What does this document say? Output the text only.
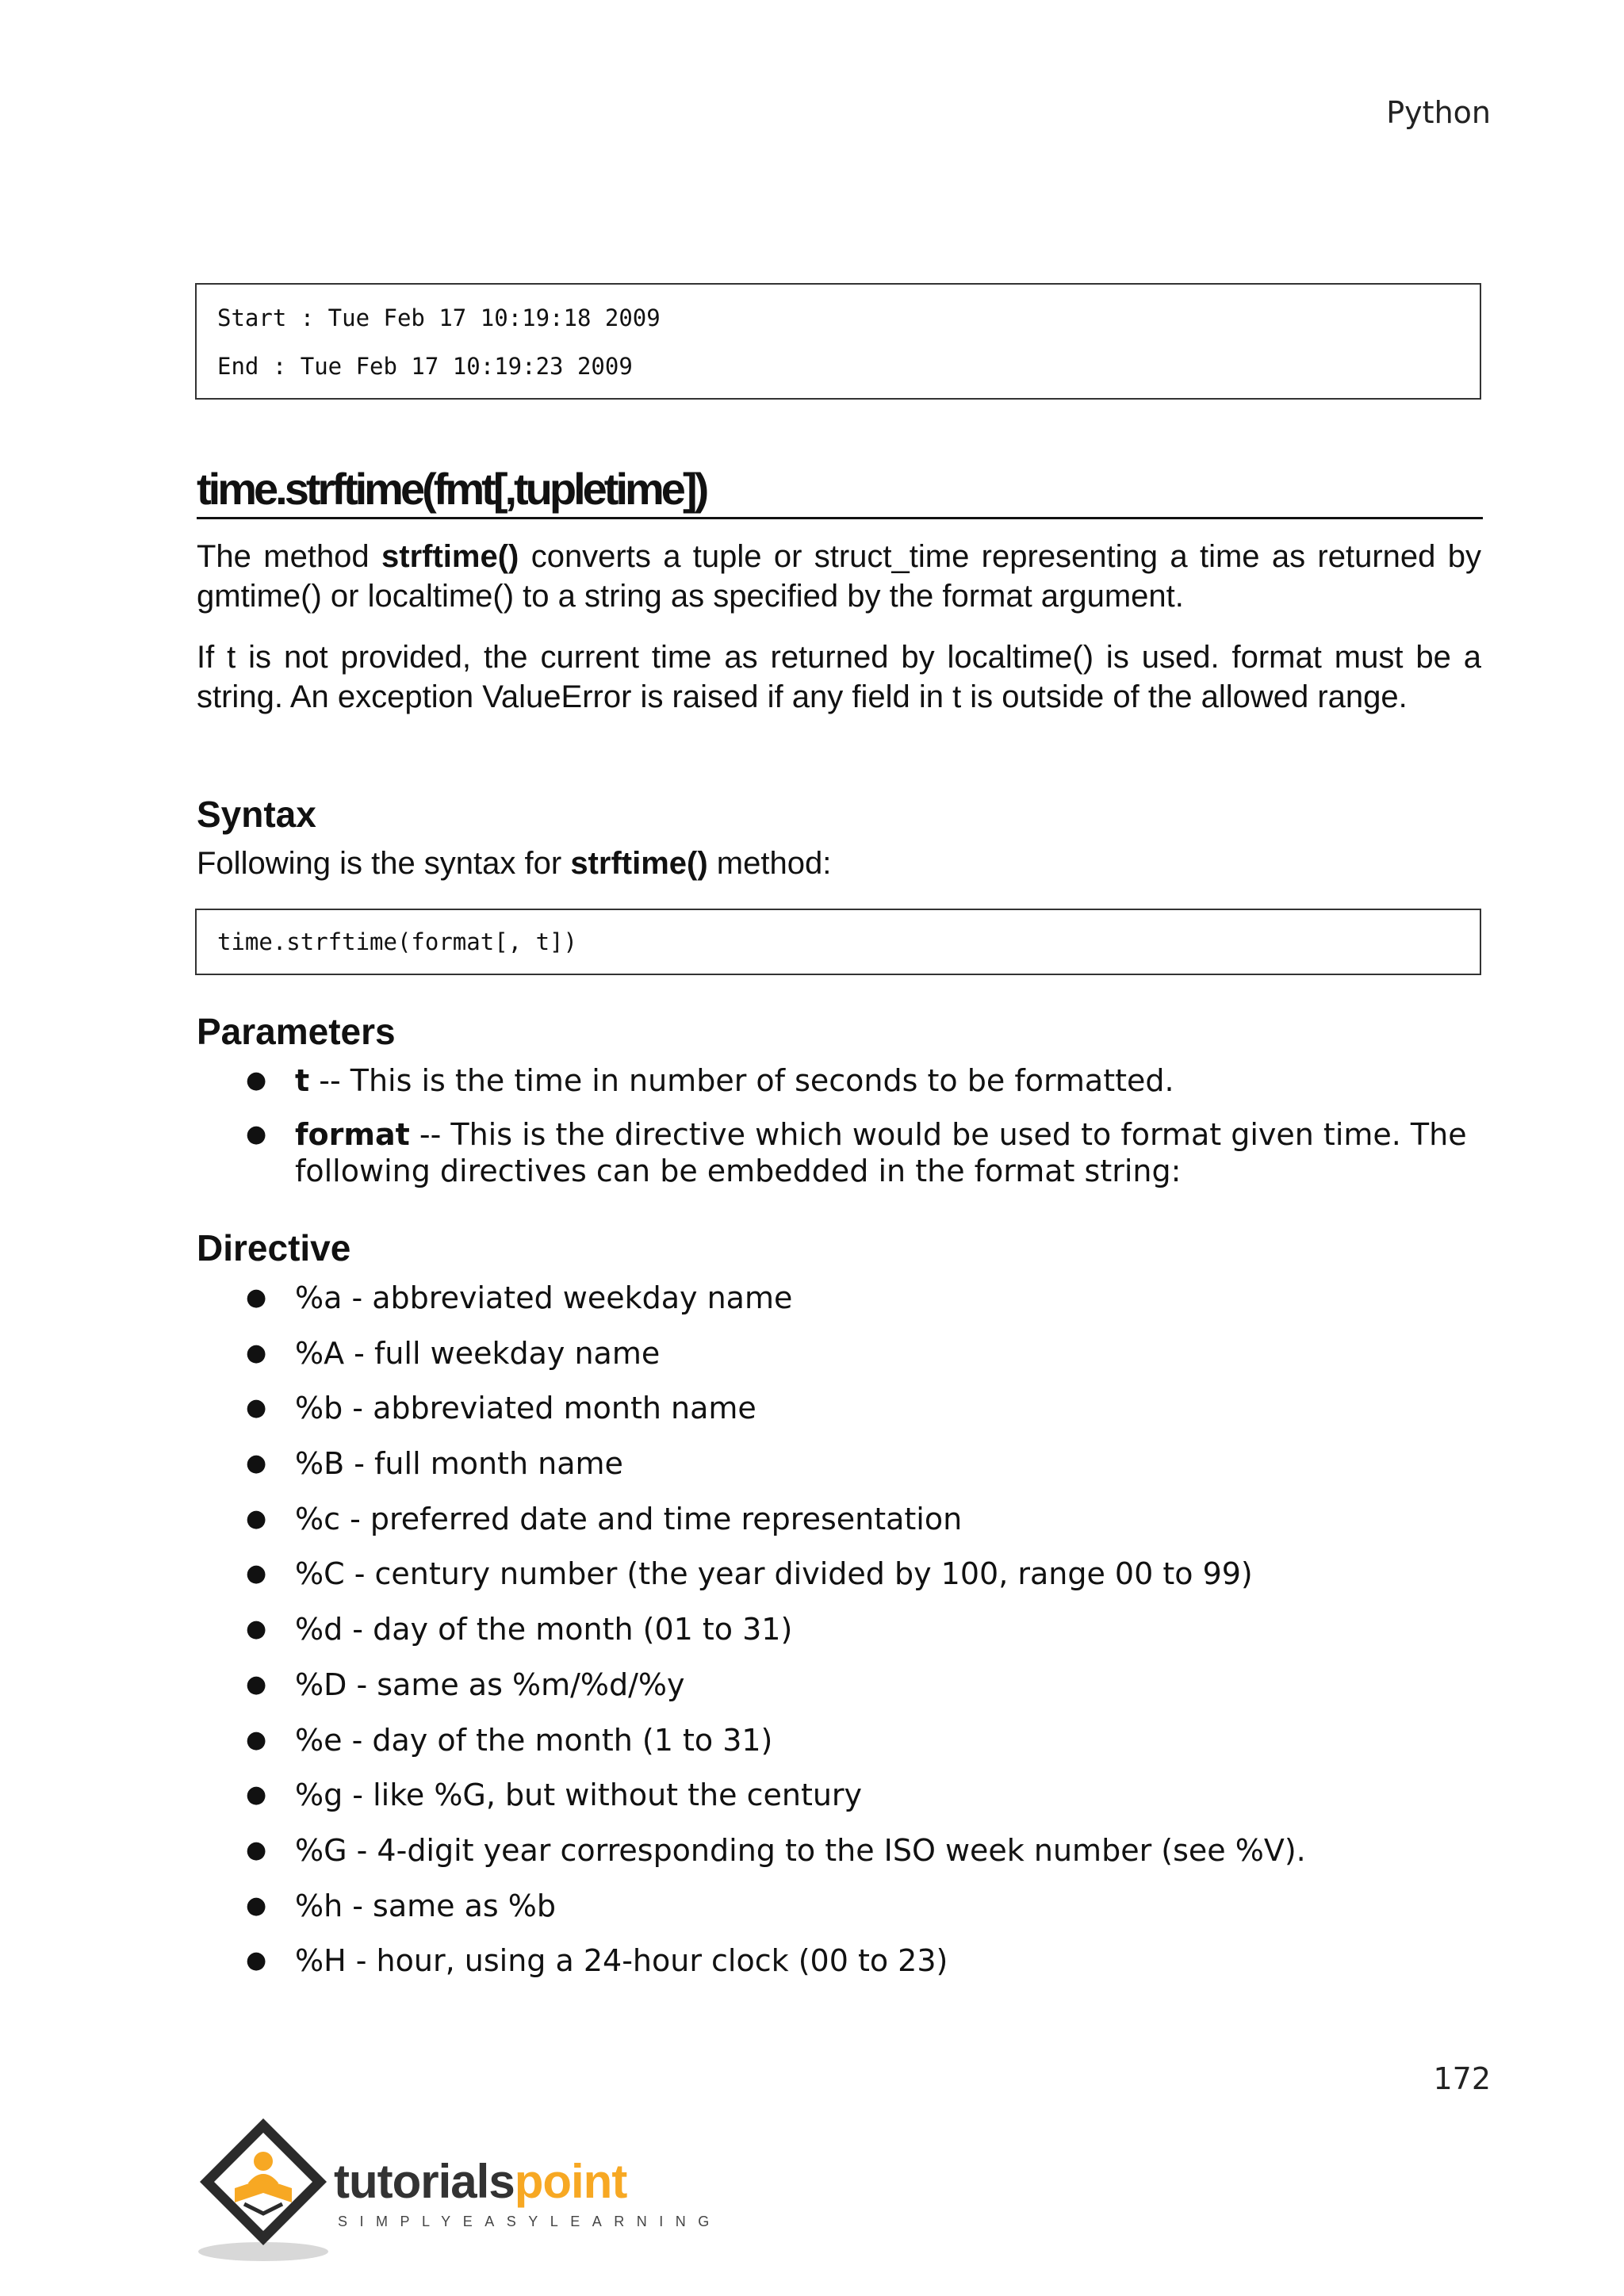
Python
Start : Tue Feb 17 10:19:18 2009
End : Tue Feb 17 10:19:23 2009
time.strftime(fmt[,tupletime])
The method strftime() converts a tuple or struct_time representing a time as returned by gmtime() or localtime() to a string as specified by the format argument.
If t is not provided, the current time as returned by localtime() is used. format must be a string. An exception ValueError is raised if any field in t is outside of the allowed range.
Syntax
Following is the syntax for strftime() method:
time.strftime(format[, t])
Parameters
● t -- This is the time in number of seconds to be formatted.
● format -- This is the directive which would be used to format given time. The following directives can be embedded in the format string:
Directive
● %a - abbreviated weekday name
● %A - full weekday name
● %b - abbreviated month name
● %B - full month name
● %c - preferred date and time representation
● %C - century number (the year divided by 100, range 00 to 99)
● %d - day of the month (01 to 31)
● %D - same as %m/%d/%y
● %e - day of the month (1 to 31)
● %g - like %G, but without the century
● %G - 4-digit year corresponding to the ISO week number (see %V).
● %h - same as %b
● %H - hour, using a 24-hour clock (00 to 23)
172
tutorialspoint
SIMPLYEASYLEARNING
